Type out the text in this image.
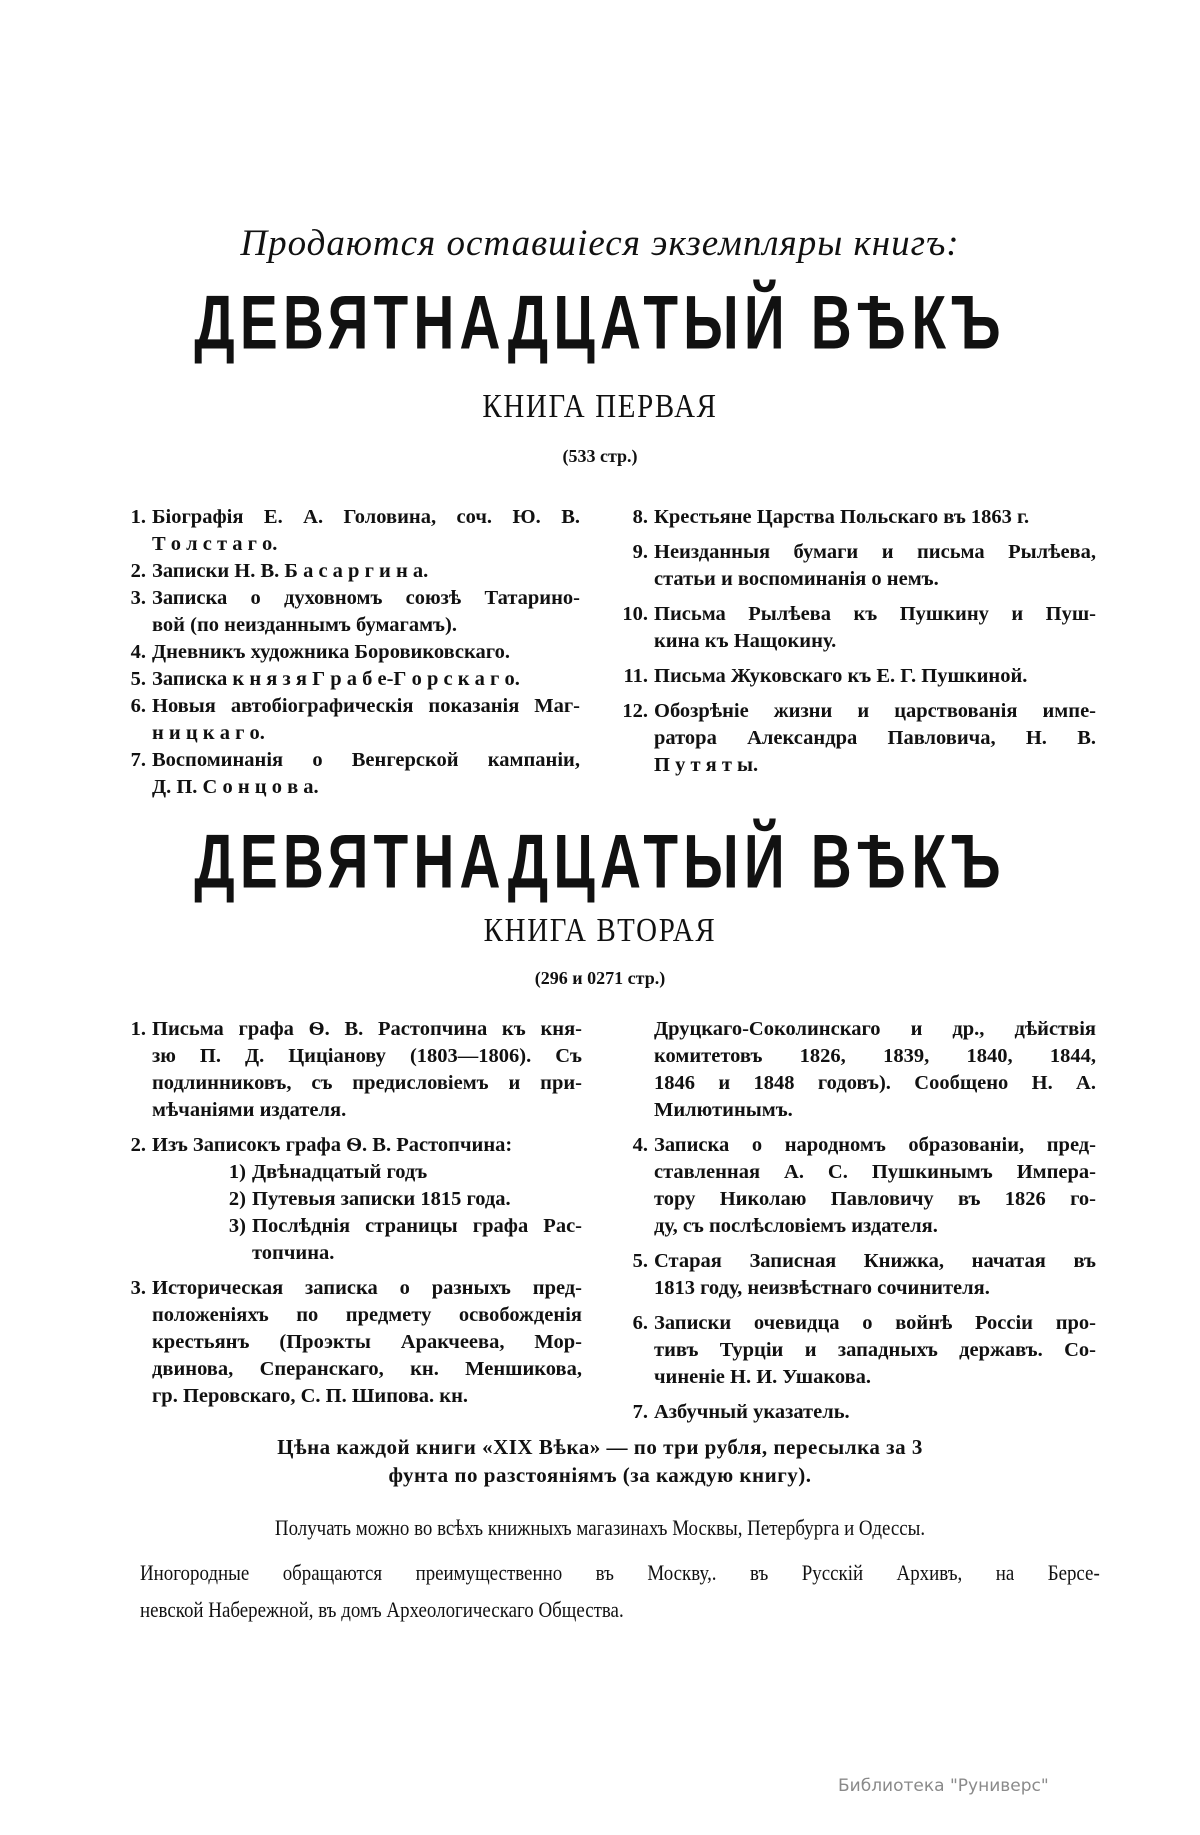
Продаются оставшіеся экземпляры книгъ:
ДЕВЯТНАДЦАТЫЙ ВѢКЪ
КНИГА ПЕРВАЯ
(533 стр.)
1. Біографія Е. А. Головина, соч. Ю. В.
Т о л с т а г о.
2. Записки Н. В. Б а с а р г и н а.
3. Записка о духовномъ союзѣ Татарино-
вой (по неизданнымъ бумагамъ).
4. Дневникъ художника Боровиковскаго.
5. Записка к н я з я Г р а б е-Г о р с к а г о.
6. Новыя автобіографическія показанія Маг-
н и ц к а г о.
7. Воспоминанія о Венгерской кампаніи,
Д. П. С о н ц о в а.
8. Крестьяне Царства Польскаго въ 1863 г.
9. Неизданныя бумаги и письма Рылѣева,
статьи и воспоминанія о немъ.
10. Письма Рылѣева къ Пушкину и Пуш-
кина къ Нащокину.
11. Письма Жуковскаго къ Е. Г. Пушкиной.
12. Обозрѣніе жизни и царствованія импе-
ратора Александра Павловича, Н. В.
П у т я т ы.
ДЕВЯТНАДЦАТЫЙ ВѢКЪ
КНИГА ВТОРАЯ
(296 и 0271 стр.)
1. Письма графа Ѳ. В. Растопчина къ кня-
зю П. Д. Циціанову (1803—1806). Съ
подлинниковъ, съ предисловіемъ и при-
мѣчаніями издателя.
2. Изъ Записокъ графа Ѳ. В. Растопчина:
1) Двѣнадцатый годъ
2) Путевыя записки 1815 года.
3) Послѣднія страницы графа Рас-
топчина.
3. Историческая записка о разныхъ пред-
положеніяхъ по предмету освобожденія
крестьянъ (Проэкты Аракчеева, Мор-
двинова, Сперанскаго, кн. Меншикова,
гр. Перовскаго, С. П. Шипова. кн.
Друцкаго-Соколинскаго и др., дѣйствія
комитетовъ 1826, 1839, 1840, 1844,
1846 и 1848 годовъ). Сообщено Н. А.
Милютинымъ.
4. Записка о народномъ образованіи, пред-
ставленная А. С. Пушкинымъ Импера-
тору Николаю Павловичу въ 1826 го-
ду, съ послѣсловіемъ издателя.
5. Старая Записная Книжка, начатая въ
1813 году, неизвѣстнаго сочинителя.
6. Записки очевидца о войнѣ Россіи про-
тивъ Турціи и западныхъ державъ. Со-
чиненіе Н. И. Ушакова.
7. Азбучный указатель.
Цѣна каждой книги «XIX Вѣка» — по три рубля, пересылка за 3
фунта по разстояніямъ (за каждую книгу).
Получать можно во всѣхъ книжныхъ магазинахъ Москвы, Петербурга и Одессы.
Иногородные обращаются преимущественно въ Москву,. въ Русскій Архивъ, на Берсе-
невской Набережной, въ домъ Археологическаго Общества.
Библиотека "Руниверс"
